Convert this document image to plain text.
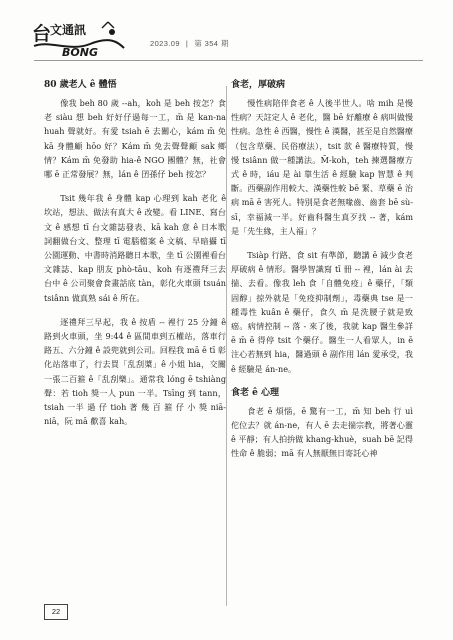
台
文通訊
BONG
2023.09 | 第 354 期
80 歲老人 ê 體悟

像我 beh 80 歲 --ah，koh 是 beh 按怎？食老 siàu 想 beh 好好仔過每一工，m̄ 是 kan-na huah 聲就好。有愛 tsiah ē 去關心，kám m̄ 免 kā 身體顧 hōo 好？Kám m̄ 免去聲聲顧 sak 鄉情？Kám m̄ 免發助 hia-ê NGO 團體？無，社會哪 ē 正常發展？無，lán ê 囝孫仔 beh 按怎？

Tsit 幾年我 ê 身體 kap 心理到 kah 老化 ê 坎站，想法、做法有真大 ê 改變。看 LINE、寫台文 ê 感想 tī 台文雜誌發表、kā kah 意 ê 日本歌詞翻做台文、整理 tī 電腦檔案 ê 文稿、早暗攝 tī 公園運動、中書時消路聽日本歌，坐 tī 公園裡看台文雜誌、kap 朋友 phò-tāu、koh 有逐禮拜三去台中 ê 公司聚會食畫話底 tàn，彰化火車頭 tsuán tsiânn 做真熟 sái ê 所在。

逐禮拜三早起，我 ê 按盾 -- 裡行 25 分鐘 ê 路到火車頭，坐 9:44 ê 區間車到五權站，落車行路五、六分鐘 ê 設兜就到公司。回程我 mā ē tī 彰化站落車了，行去買「乱刮槳」ê 小姐 hia，交關一張二百箍 ê「乱刮樂」。通常我 lóng ē tshiàng 聲：若 tioh 獎一人 pun 一半。Tsīng 到 tann，tsiah 一半 過 仔 tioh 著 幾 百 箍 仔 小 獎 niā-niā，阮 mā 歡喜 kah。

食老，厚破病

慢性病陪伴食老 ê 人後半世人。啥 mih 是慢性病？天註定人 ê 老化，醫 bē 好離療 ê 病叫做慢性病。急性 ê 西醫，慢性 ê 漢醫，甚至是自然醫療（包含草藥、民俗療法），tsit 款 ê 醫療特質，慢慢 tsiânn 做一種講法。M̄-koh，teh 揀選醫療方式 ê 時，iáu 是 ài 靠生活 ê 經驗 kap 智慧 ê 判斷。西藥副作用較大、漢藥性較 bē 緊、草藥 ē 治病 mā ē 害死人。特別是食老無喙齒、齒套 bē sù-sī，幸福減一半。好齒科醫生真歹找 -- 著，kám 是「先生緣，主人福」？

Tsiàp 行路、食 sit 有準節，聽講 ē 減少食老厚破病 ê 情形。醫學智識寫 tī 冊 -- 裡，lán ài 去揣、去看。像我 leh 食「自體免疫」ê 藥仔，「類固醇」掠外就是「免疫抑制劑」，毒藥典 tse 是一種毒性 kuân ê 藥仔，食久 m̄ 是洗腰子就是致癌。病情控制 -- 落 - 來了後，我就 kap 醫生參詳 ē m̄ ē 得停 tsit 个藥仔。醫生一人看眾人，in ē 注心若無到 hia，醫過頭 ê 副作用 lán 愛承受，我 ê 經驗是 án-ne。

食老 ê 心理

食老 ē 煩惱，ē 驚有一工，m̄ 知 beh 行 uì 佗位去？就 án-ne，有人 ē 去走揣宗教，將著心靈 ê 平靜；有人拍拚做 khang-khuè，suah bē 記得性命 ê 脆弱；mā 有人無厭無日寄託心神

22
